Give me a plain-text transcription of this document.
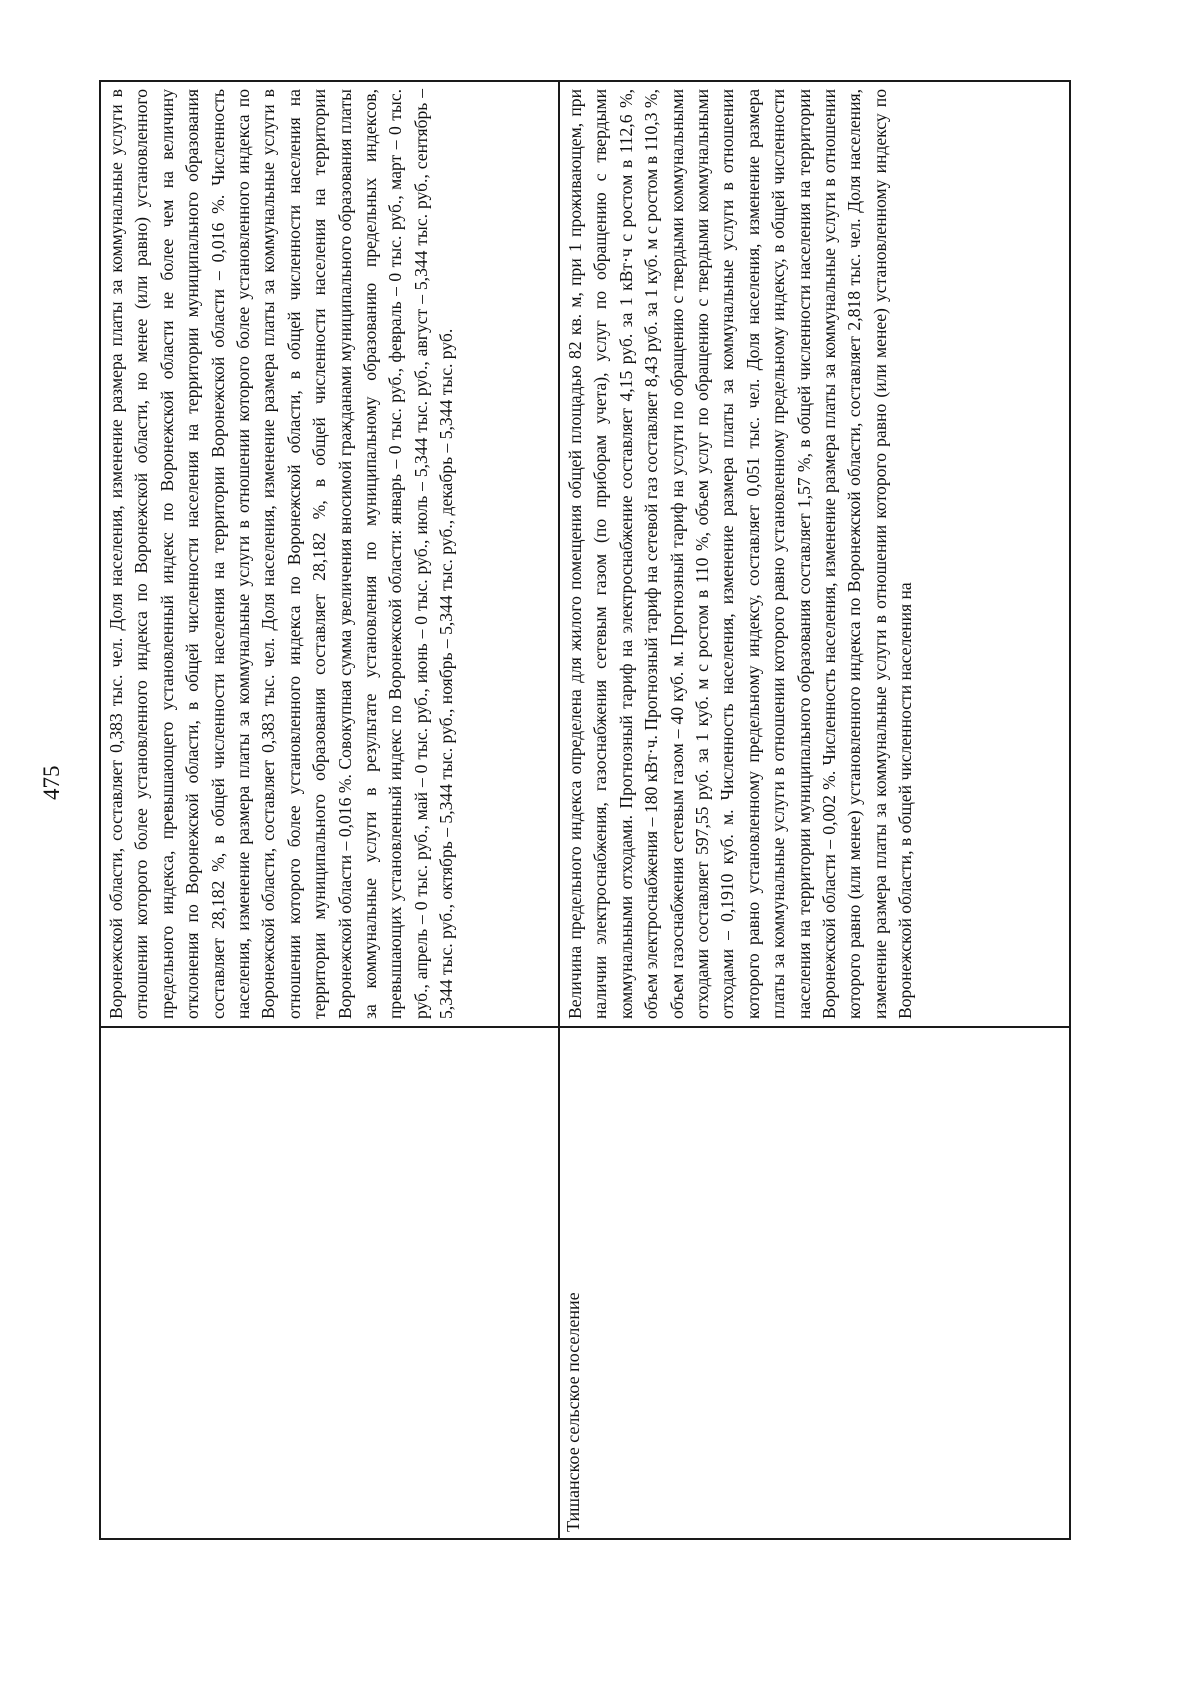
475 Воронежской области, составляет 0,383 тыс. чел. Доля населения, изменение размера платы за коммунальные услуги в отношении которого более установленного индекса по Воронежской области, но менее (или равно) установленного предельного индекса, превышающего установленный индекс по Воронежской области не более чем на величину отклонения по Воронежской области, в общей численности населения на территории муниципального образования составляет 28,182 %, в общей численности населения на территории Воронежской области – 0,016 %. Численность населения, изменение размера платы за коммунальные услуги в отношении которого более установленного индекса по Воронежской области, составляет 0,383 тыс. чел. Доля населения, изменение размера платы за коммунальные услуги в отношении которого более установленного индекса по Воронежской области, в общей численности населения на территории муниципального образования составляет 28,182 %, в общей численности населения на территории Воронежской области – 0,016 %. Совокупная сумма увеличения вносимой гражданами муниципального образования платы за коммунальные услуги в результате установления по муниципальному образованию предельных индексов, превышающих установленный индекс по Воронежской области: январь – 0 тыс. руб., февраль – 0 тыс. руб., март – 0 тыс. руб., апрель – 0 тыс. руб., май – 0 тыс. руб., июнь – 0 тыс. руб., июль – 5,344 тыс. руб., август – 5,344 тыс. руб., сентябрь – 5,344 тыс. руб., октябрь – 5,344 тыс. руб., ноябрь – 5,344 тыс. руб., декабрь – 5,344 тыс. руб.
Тишанское сельское поселение
Величина предельного индекса определена для жилого помещения общей площадью 82 кв. м, при 1 проживающем, при наличии электроснабжения, газоснабжения сетевым газом (по приборам учета), услуг по обращению с твердыми коммунальными отходами. Прогнозный тариф на электроснабжение составляет 4,15 руб. за 1 кВт·ч с ростом в 112,6 %, объем электроснабжения – 180 кВт·ч. Прогнозный тариф на сетевой газ составляет 8,43 руб. за 1 куб. м с ростом в 110,3 %, объем газоснабжения сетевым газом – 40 куб. м. Прогнозный тариф на услуги по обращению с твердыми коммунальными отходами составляет 597,55 руб. за 1 куб. м с ростом в 110 %, объем услуг по обращению с твердыми коммунальными отходами – 0,1910 куб. м. Численность населения, изменение размера платы за коммунальные услуги в отношении которого равно установленному предельному индексу, составляет 0,051 тыс. чел. Доля населения, изменение размера платы за коммунальные услуги в отношении которого равно установленному предельному индексу, в общей численности населения на территории муниципального образования составляет 1,57 %, в общей численности населения на территории Воронежской области – 0,002 %. Численность населения, изменение размера платы за коммунальные услуги в отношении которого равно (или менее) установленного индекса по Воронежской области, составляет 2,818 тыс. чел. Доля населения, изменение размера платы за коммунальные услуги в отношении которого равно (или менее) установленному индексу по Воронежской области, в общей численности населения на
